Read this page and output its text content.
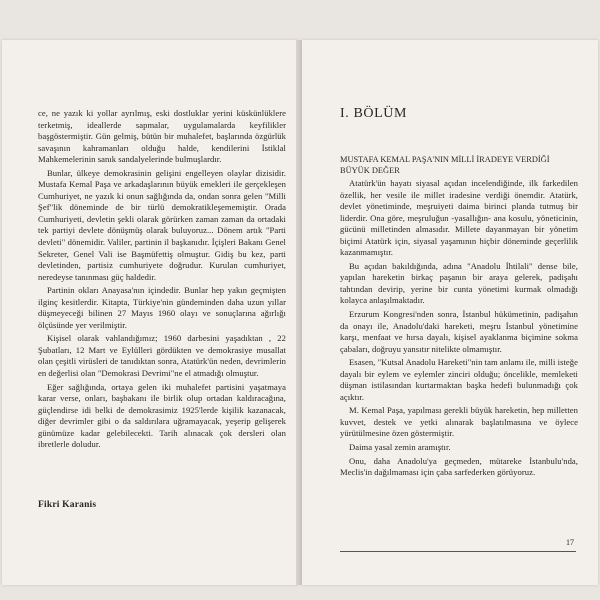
ce, ne yazık ki yollar ayrılmış, eski dostluklar yerini küskünlüklere terketmiş, ideallerde sapmalar, uygulamalarda keyfilikler başgöstermiştir. Gün gelmiş, bütün bir muhalefet, başlarında özgürlük savaşının kahramanları olduğu halde, kendilerini İstiklal Mahkemelerinin sanık sandalyelerinde bulmuşlardır.

Bunlar, ülkeye demokrasinin gelişini engelleyen olaylar dizisidir. Mustafa Kemal Paşa ve arkadaşlarının büyük emekleri ile gerçekleşen Cumhuriyet, ne yazık ki onun sağlığında da, ondan sonra gelen "Milli Şef"lik döneminde de bir türlü demokratikleşememiştir. Orada Cumhuriyeti, devletin şekli olarak görürken zaman zaman da ortadaki tek partiyi devlete dönüşmüş olarak buluyoruz... Dönem artık "Parti devleti" dönemidir. Valiler, partinin il başkanıdır. İçişleri Bakanı Genel Sekreter, Genel Vali ise Başmüfettiş olmuştur. Gidiş bu kez, parti devletinden, partisiz cumhuriyete doğrudur. Kurulan cumhuriyet, neredeyse tanınması güç haldedir.

Partinin okları Anayasa'nın içindedir. Bunlar hep yakın geçmişten ilginç kesitlerdir. Kitapta, Türkiye'nin gündeminden daha uzun yıllar düşmeyeceği bilinen 27 Mayıs 1960 olayı ve sonuçlarına ağırlığı ölçüsünde yer verilmiştir.

Kişisel olarak vahlandığımız; 1960 darbesini yaşadıktan , 22 Şubatları, 12 Mart ve Eylülleri gördükten ve demokrasiye musallat olan çeşitli virüsleri de tanıdıktan sonra, Atatürk'ün neden, devrimlerin en değerlisi olan "Demokrasi Devrimi"ne el atmadığı olmuştur.

Eğer sağlığında, ortaya gelen iki muhalefet partisini yaşatmaya karar verse, onları, başbakanı ile birlik olup ortadan kaldıracağına, güçlendirse idi belki de demokrasimiz 1925'lerde kişilik kazanacak, diğer devrimler gibi o da saldırılara uğramayacak, yeşerip gelişerek günümüze kadar gelebilecekti. Tarih alınacak çok dersleri olan ibretlerle doludur.

Fikri Karanis
I. BÖLÜM
MUSTAFA KEMAL PAŞA'NIN MİLLİ İRADEYE VERDİĞİ
BÜYÜK DEĞER

Atatürk'ün hayatı siyasal açıdan incelendiğinde, ilk farkedilen özellik, her vesile ile millet iradesine verdiği önemdir. Atatürk, devlet yönetiminde, meşruiyeti daima birinci planda tutmuş bir liderdir. Ona göre, meşruluğun -yasallığın- ana kosulu, yöneticinin, gücünü milletinden almasıdır. Millete dayanmayan bir yönetim biçimi Atatürk için, siyasal yaşamının hiçbir döneminde geçerlilik kazanmamıştır.

Bu açıdan bakıldığında, adına "Anadolu İhtilali" dense bile, yapılan hareketin birkaç paşanın bir araya gelerek, padişahı tahtından devirip, yerine bir cunta yönetimi kurmak olmadığı kolayca anlaşılmaktadır.

Erzurum Kongresi'nden sonra, İstanbul hükümetinin, padişahın da onayı ile, Anadolu'daki hareketi, meşru İstanbul yönetimine karşı, menfaat ve hırsa dayalı, kişisel ayaklanma biçimine sokma çabaları, doğruyu yansıtır nitelikte olmamıştır.

Esasen, "Kutsal Anadolu Hareketi"nin tam anlamı ile, milli isteğe dayalı bir eylem ve eylemler zinciri olduğu; öncelikle, memleketi düşman istilasından kurtarmaktan başka hedefi bulunmadığı çok açıktır.

M. Kemal Paşa, yapılması gerekli büyük hareketin, hep milletten kuvvet, destek ve yetki alınarak başlatılmasına ve öylece yürütülmesine özen göstermiştir.

Daima yasal zemin aramıştır.

Onu, daha Anadolu'ya geçmeden, mütareke İstanbulu'nda, Meclis'in dağılmaması için çaba sarfederken görüyoruz.

17
